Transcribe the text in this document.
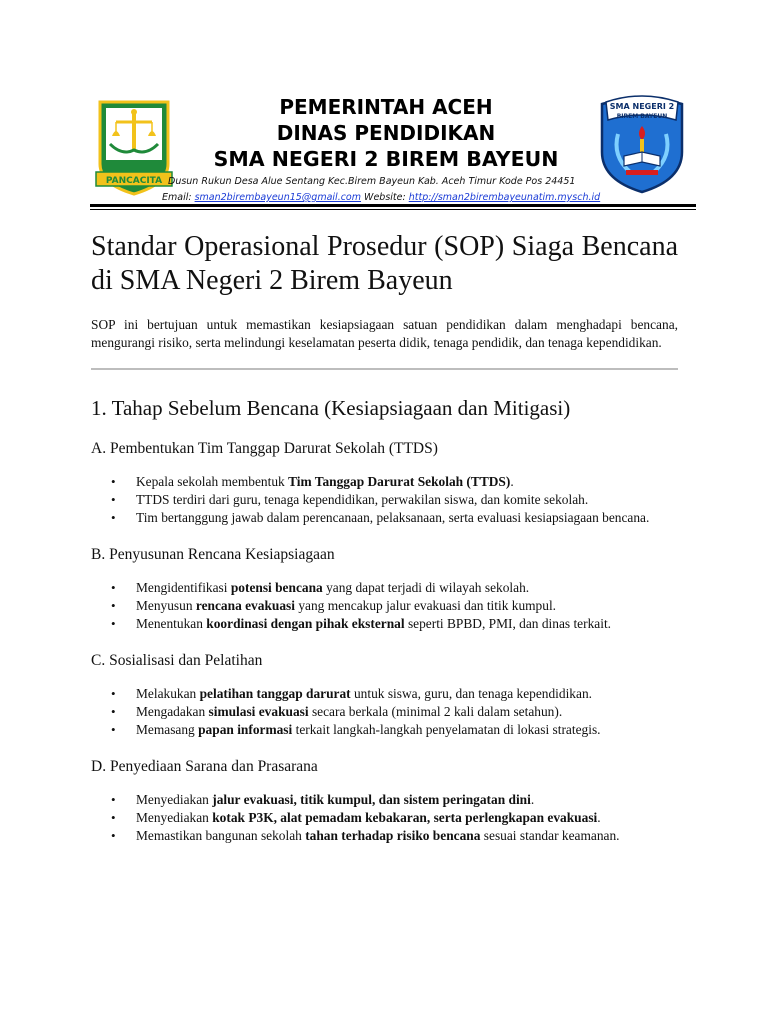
PANCACITA
PEMERINTAH ACEH
DINAS PENDIDIKAN
SMA NEGERI 2 BIREM BAYEUN
Dusun Rukun Desa Alue Sentang Kec.Birem Bayeun Kab. Aceh Timur Kode Pos 24451
Email: sman2birembayeun15@gmail.com Website: http://sman2birembayeunatim.mysch.id
SMA NEGERI 2
BIREM BAYEUN
Standar Operasional Prosedur (SOP) Siaga Bencana di SMA Negeri 2 Birem Bayeun

SOP ini bertujuan untuk memastikan kesiapsiagaan satuan pendidikan dalam menghadapi bencana, mengurangi risiko, serta melindungi keselamatan peserta didik, tenaga pendidik, dan tenaga kependidikan.

1. Tahap Sebelum Bencana (Kesiapsiagaan dan Mitigasi)
A. Pembentukan Tim Tanggap Darurat Sekolah (TTDS)
• Kepala sekolah membentuk Tim Tanggap Darurat Sekolah (TTDS).
• TTDS terdiri dari guru, tenaga kependidikan, perwakilan siswa, dan komite sekolah.
• Tim bertanggung jawab dalam perencanaan, pelaksanaan, serta evaluasi kesiapsiagaan bencana.
B. Penyusunan Rencana Kesiapsiagaan
• Mengidentifikasi potensi bencana yang dapat terjadi di wilayah sekolah.
• Menyusun rencana evakuasi yang mencakup jalur evakuasi dan titik kumpul.
• Menentukan koordinasi dengan pihak eksternal seperti BPBD, PMI, dan dinas terkait.
C. Sosialisasi dan Pelatihan
• Melakukan pelatihan tanggap darurat untuk siswa, guru, dan tenaga kependidikan.
• Mengadakan simulasi evakuasi secara berkala (minimal 2 kali dalam setahun).
• Memasang papan informasi terkait langkah-langkah penyelamatan di lokasi strategis.
D. Penyediaan Sarana dan Prasarana
• Menyediakan jalur evakuasi, titik kumpul, dan sistem peringatan dini.
• Menyediakan kotak P3K, alat pemadam kebakaran, serta perlengkapan evakuasi.
• Memastikan bangunan sekolah tahan terhadap risiko bencana sesuai standar keamanan.
